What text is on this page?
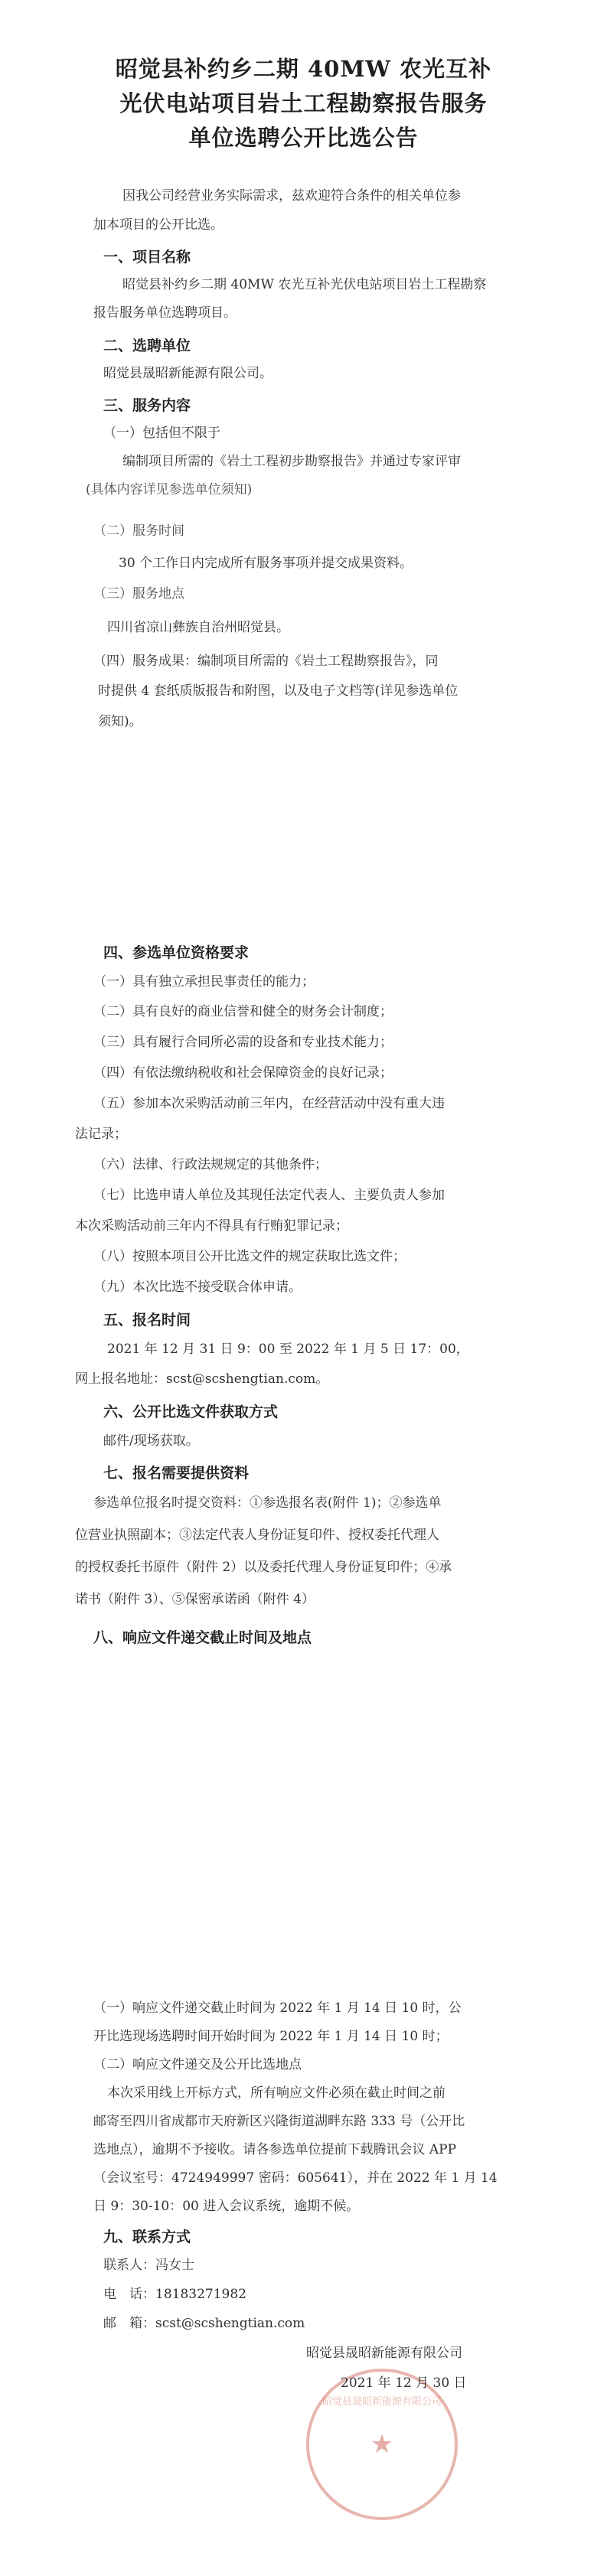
昭觉县补约乡二期 40MW 农光互补
光伏电站项目岩土工程勘察报告服务
单位选聘公开比选公告
因我公司经营业务实际需求，兹欢迎符合条件的相关单位参
加本项目的公开比选。
一、项目名称
昭觉县补约乡二期 40MW 农光互补光伏电站项目岩土工程勘察
报告服务单位选聘项目。
二、选聘单位
昭觉县晟昭新能源有限公司。
三、服务内容
（一）包括但不限于
编制项目所需的《岩土工程初步勘察报告》并通过专家评审
(具体内容详见参选单位须知)
（二）服务时间
30 个工作日内完成所有服务事项并提交成果资料。
（三）服务地点
四川省凉山彝族自治州昭觉县。
（四）服务成果：编制项目所需的《岩土工程勘察报告》，同
时提供 4 套纸质版报告和附图，以及电子文档等(详见参选单位
须知)。
四、参选单位资格要求
（一）具有独立承担民事责任的能力；
（二）具有良好的商业信誉和健全的财务会计制度；
（三）具有履行合同所必需的设备和专业技术能力；
（四）有依法缴纳税收和社会保障资金的良好记录；
（五）参加本次采购活动前三年内，在经营活动中没有重大违
法记录；
（六）法律、行政法规规定的其他条件；
（七）比选申请人单位及其现任法定代表人、主要负责人参加
本次采购活动前三年内不得具有行贿犯罪记录；
（八）按照本项目公开比选文件的规定获取比选文件；
（九）本次比选不接受联合体申请。
五、报名时间
2021 年 12 月 31 日 9：00 至 2022 年 1 月 5 日 17：00，
网上报名地址：scst@scshengtian.com。
六、公开比选文件获取方式
邮件/现场获取。
七、报名需要提供资料
参选单位报名时提交资料：①参选报名表(附件 1)；②参选单
位营业执照副本；③法定代表人身份证复印件、授权委托代理人
的授权委托书原件（附件 2）以及委托代理人身份证复印件；④承
诺书（附件 3）、⑤保密承诺函（附件 4）
八、响应文件递交截止时间及地点
（一）响应文件递交截止时间为 2022 年 1 月 14 日 10 时，公
开比选现场选聘时间开始时间为 2022 年 1 月 14 日 10 时；
（二）响应文件递交及公开比选地点
本次采用线上开标方式，所有响应文件必须在截止时间之前
邮寄至四川省成都市天府新区兴隆街道湖畔东路 333 号（公开比
选地点），逾期不予接收。请各参选单位提前下载腾讯会议 APP
（会议室号：4724949997 密码：605641），并在 2022 年 1 月 14
日 9：30-10：00 进入会议系统，逾期不候。
九、联系方式
联系人：冯女士
电　话：18183271982
邮　箱：scst@scshengtian.com
昭觉县晟昭新能源有限公司
★
昭觉县晟昭新能源有限公司
2021 年 12 月 30 日
